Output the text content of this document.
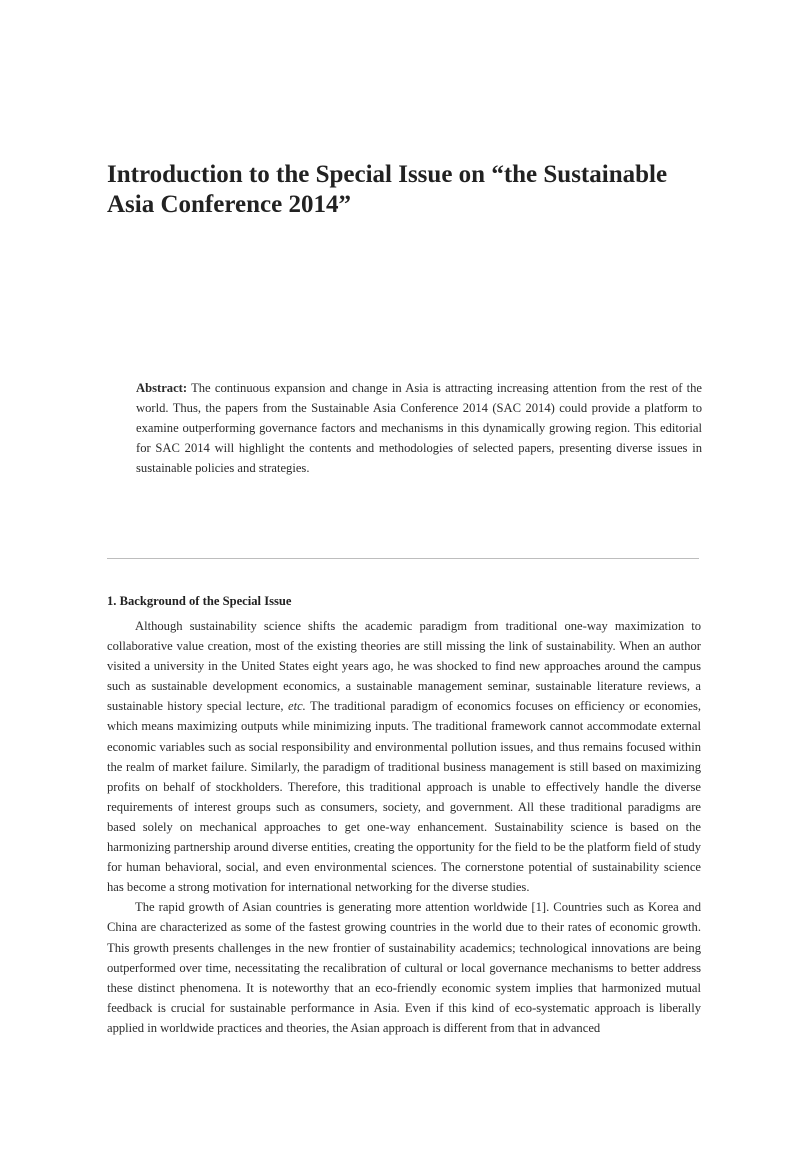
Introduction to the Special Issue on “the Sustainable Asia Conference 2014”

Abstract: The continuous expansion and change in Asia is attracting increasing attention from the rest of the world. Thus, the papers from the Sustainable Asia Conference 2014 (SAC 2014) could provide a platform to examine outperforming governance factors and mechanisms in this dynamically growing region. This editorial for SAC 2014 will highlight the contents and methodologies of selected papers, presenting diverse issues in sustainable policies and strategies.

1. Background of the Special Issue

Although sustainability science shifts the academic paradigm from traditional one-way maximization to collaborative value creation, most of the existing theories are still missing the link of sustainability. When an author visited a university in the United States eight years ago, he was shocked to find new approaches around the campus such as sustainable development economics, a sustainable management seminar, sustainable literature reviews, a sustainable history special lecture, etc. The traditional paradigm of economics focuses on efficiency or economies, which means maximizing outputs while minimizing inputs. The traditional framework cannot accommodate external economic variables such as social responsibility and environmental pollution issues, and thus remains focused within the realm of market failure. Similarly, the paradigm of traditional business management is still based on maximizing profits on behalf of stockholders. Therefore, this traditional approach is unable to effectively handle the diverse requirements of interest groups such as consumers, society, and government. All these traditional paradigms are based solely on mechanical approaches to get one-way enhancement. Sustainability science is based on the harmonizing partnership around diverse entities, creating the opportunity for the field to be the platform field of study for human behavioral, social, and even environmental sciences. The cornerstone potential of sustainability science has become a strong motivation for international networking for the diverse studies.

The rapid growth of Asian countries is generating more attention worldwide [1]. Countries such as Korea and China are characterized as some of the fastest growing countries in the world due to their rates of economic growth. This growth presents challenges in the new frontier of sustainability academics; technological innovations are being outperformed over time, necessitating the recalibration of cultural or local governance mechanisms to better address these distinct phenomena. It is noteworthy that an eco-friendly economic system implies that harmonized mutual feedback is crucial for sustainable performance in Asia. Even if this kind of eco-systematic approach is liberally applied in worldwide practices and theories, the Asian approach is different from that in advanced
